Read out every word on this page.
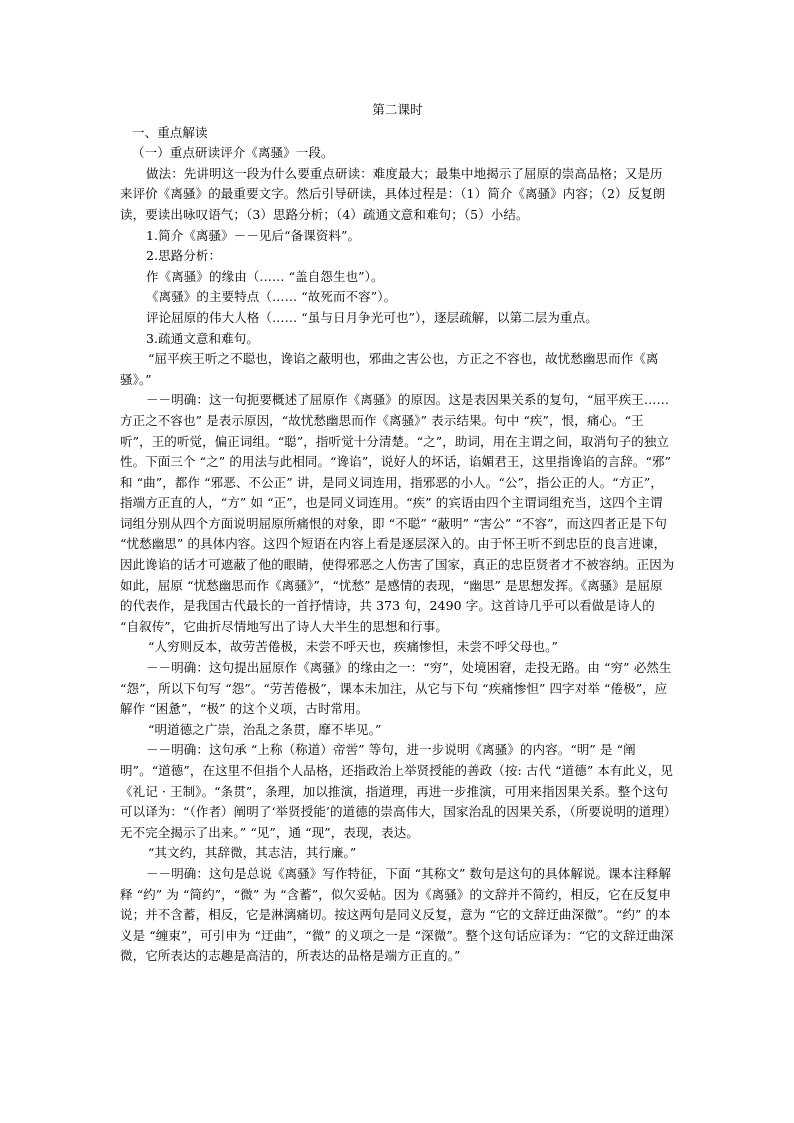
第二课时

一、重点解读

（一）重点研读评介《离骚》一段。

做法：先讲明这一段为什么要重点研读：难度最大；最集中地揭示了屈原的崇高品格；又是历来评价《离骚》的最重要文字。然后引导研读，具体过程是：（1）简介《离骚》内容；（2）反复朗读，要读出咏叹语气；（3）思路分析；（4）疏通文意和难句；（5）小结。

1.简介《离骚》－－见后“备课资料”。

2.思路分析：

作《离骚》的缘由（…… “盖自怨生也”）。

《离骚》的主要特点（…… “故死而不容”）。

评论屈原的伟大人格（…… “虽与日月争光可也”），逐层疏解，以第二层为重点。

3.疏通文意和难句。

“屈平疾王听之不聪也，谗谄之蔽明也，邪曲之害公也，方正之不容也，故忧愁幽思而作《离骚》。”

－－明确：这一句扼要概述了屈原作《离骚》的原因。这是表因果关系的复句，“屈平疾王……方正之不容也” 是表示原因，“故忧愁幽思而作《离骚》” 表示结果。句中 “疾”，恨，痛心。“王听”，王的听觉，偏正词组。“聪”，指听觉十分清楚。“之”，助词，用在主谓之间，取消句子的独立性。下面三个 “之” 的用法与此相同。“谗谄”，说好人的坏话，谄媚君王，这里指谗谄的言辞。“邪” 和 “曲”，都作 “邪恶、不公正” 讲，是同义词连用，指邪恶的小人。“公”，指公正的人。“方正”，指端方正直的人，“方” 如 “正”，也是同义词连用。“疾” 的宾语由四个主谓词组充当，这四个主谓词组分别从四个方面说明屈原所痛恨的对象，即 “不聪” “蔽明” “害公” “不容”，而这四者正是下句 “忧愁幽思” 的具体内容。这四个短语在内容上看是逐层深入的。由于怀王听不到忠臣的良言进谏，因此谗谄的话才可遮蔽了他的眼睛，使得邪恶之人伤害了国家，真正的忠臣贤者才不被容纳。正因为如此，屈原 “忧愁幽思而作《离骚》”，“忧愁” 是感情的表现，“幽思” 是思想发挥。《离骚》是屈原的代表作，是我国古代最长的一首抒情诗，共 373 句，2490 字。这首诗几乎可以看做是诗人的 “自叙传”，它曲折尽情地写出了诗人大半生的思想和行事。

“人穷则反本，故劳苦倦极，未尝不呼天也，疾痛惨怛，未尝不呼父母也。”

－－明确：这句提出屈原作《离骚》的缘由之一：“穷”，处境困窘，走投无路。由 “穷” 必然生 “怨”，所以下句写 “怨”。“劳苦倦极”，课本未加注，从它与下句 “疾痛惨怛” 四字对举 “倦极”，应解作 “困惫”，“极” 的这个义项，古时常用。

“明道德之广崇，治乱之条贯，靡不毕见。”

－－明确：这句承 “上称（称道）帝喾” 等句，进一步说明《离骚》的内容。“明” 是 “阐明”。“道德”，在这里不但指个人品格，还指政治上举贤授能的善政（按: 古代 “道德” 本有此义，见《礼记 · 王制》。“条贯”，条理，加以推演，指道理，再进一步推演，可用来指因果关系。整个这句可以译为：“（作者）阐明了‘举贤授能’的道德的崇高伟大，国家治乱的因果关系，（所要说明的道理）无不完全揭示了出来。” “见”，通 “现”，表现，表达。

“其文约，其辞微，其志洁，其行廉。”

－－明确：这句是总说《离骚》写作特征，下面 “其称文” 数句是这句的具体解说。课本注释解释 “约” 为 “简约”，“微” 为 “含蓄”，似欠妥帖。因为《离骚》的文辞并不简约，相反，它在反复申说；并不含蓄，相反，它是淋漓痛切。按这两句是同义反复，意为 “它的文辞迂曲深微”。“约” 的本义是 “缠束”，可引申为 “迂曲”，“微” 的义项之一是 “深微”。整个这句话应译为：“它的文辞迂曲深微，它所表达的志趣是高洁的，所表达的品格是端方正直的。”
